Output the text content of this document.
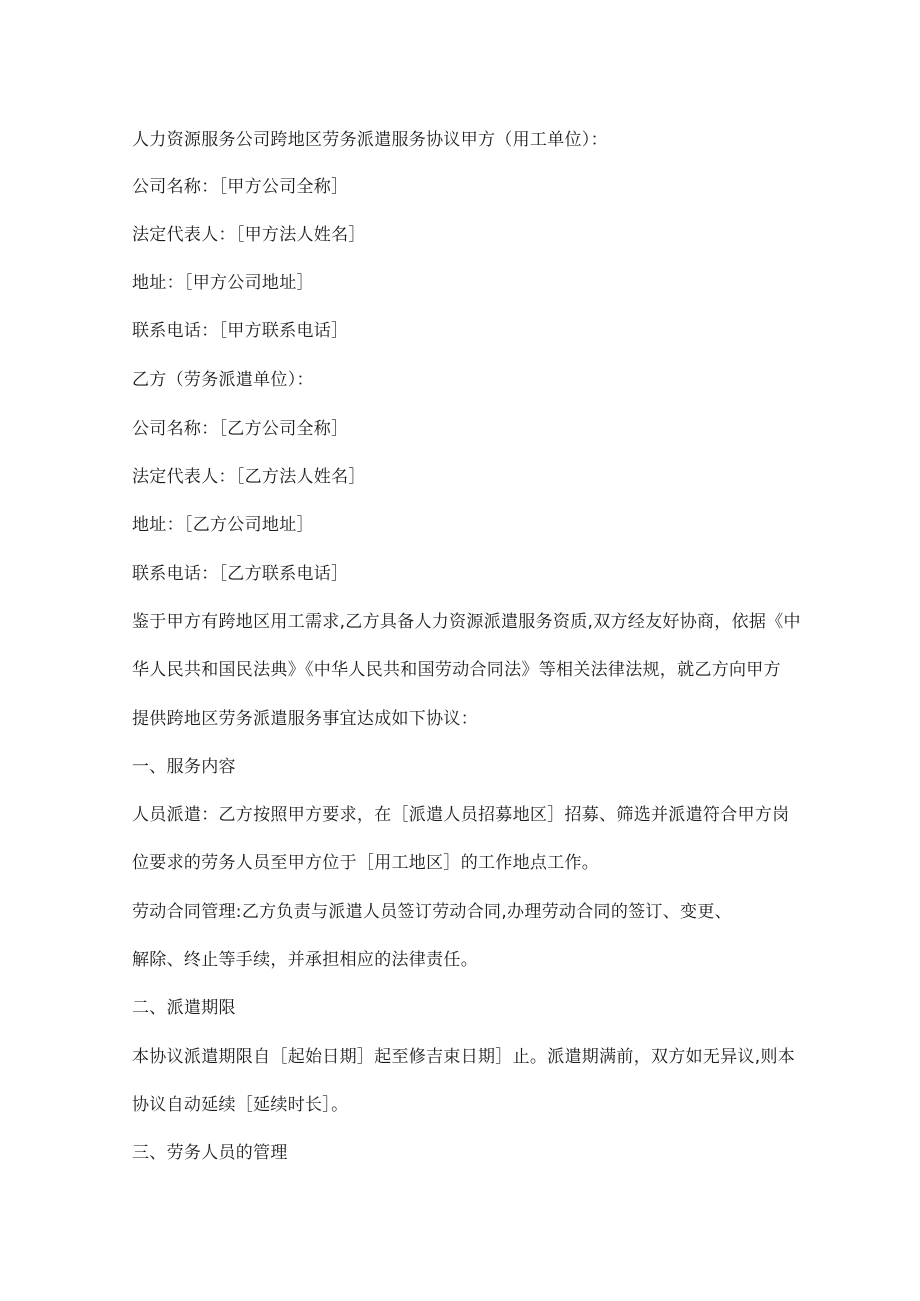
人力资源服务公司跨地区劳务派遣服务协议甲方（用工单位）：
公司名称：［甲方公司全称］
法定代表人：［甲方法人姓名］
地址：［甲方公司地址］
联系电话：［甲方联系电话］
乙方（劳务派遣单位）：
公司名称：［乙方公司全称］
法定代表人：［乙方法人姓名］
地址：［乙方公司地址］
联系电话：［乙方联系电话］
鉴于甲方有跨地区用工需求,乙方具备人力资源派遣服务资质,双方经友好协商，依据《中
华人民共和国民法典》《中华人民共和国劳动合同法》等相关法律法规，就乙方向甲方
提供跨地区劳务派遣服务事宜达成如下协议：
一、服务内容
人员派遣：乙方按照甲方要求，在［派遣人员招募地区］招募、筛选并派遣符合甲方岗
位要求的劳务人员至甲方位于［用工地区］的工作地点工作。
劳动合同管理:乙方负责与派遣人员签订劳动合同,办理劳动合同的签订、变更、
解除、终止等手续，并承担相应的法律责任。
二、派遣期限
本协议派遣期限自［起始日期］起至修吉束日期］止。派遣期满前，双方如无异议,则本
协议自动延续［延续时长］。
三、劳务人员的管理
